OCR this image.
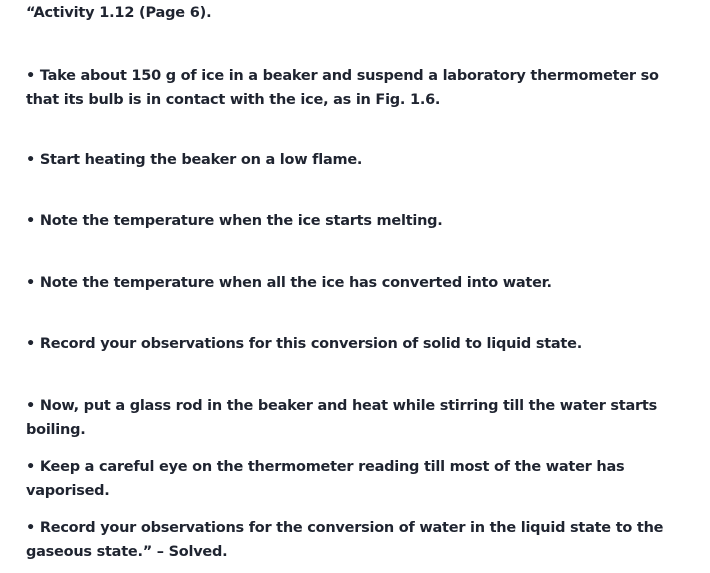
“Activity 1.12 (Page 6).
• Take about 150 g of ice in a beaker and suspend a laboratory thermometer so that its bulb is in contact with the ice, as in Fig. 1.6.
• Start heating the beaker on a low flame.
• Note the temperature when the ice starts melting.
• Note the temperature when all the ice has converted into water.
• Record your observations for this conversion of solid to liquid state.
• Now, put a glass rod in the beaker and heat while stirring till the water starts boiling.
• Keep a careful eye on the thermometer reading till most of the water has vaporised.
• Record your observations for the conversion of water in the liquid state to the gaseous state.” – Solved.
